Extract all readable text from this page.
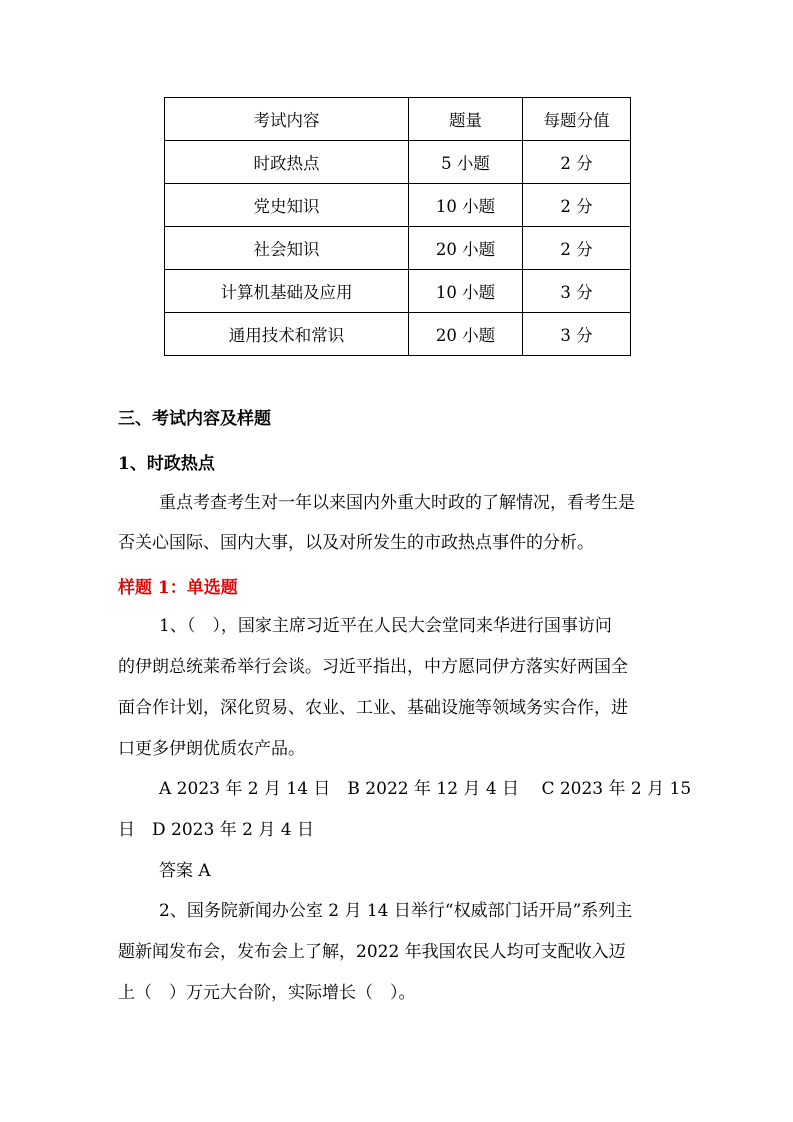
考试内容	题量	每题分值
时政热点	5 小题	2 分
党史知识	10 小题	2 分
社会知识	20 小题	2 分
计算机基础及应用	10 小题	3 分
通用技术和常识	20 小题	3 分
三、考试内容及样题
1、时政热点
重点考查考生对一年以来国内外重大时政的了解情况，看考生是
否关心国际、国内大事，以及对所发生的市政热点事件的分析。
样题 1：单选题
1、（　），国家主席习近平在人民大会堂同来华进行国事访问
的伊朗总统莱希举行会谈。习近平指出，中方愿同伊方落实好两国全
面合作计划，深化贸易、农业、工业、基础设施等领域务实合作，进
口更多伊朗优质农产品。
A 2023 年 2 月 14 日　B 2022 年 12 月 4 日　 C 2023 年 2 月 15
日　D 2023 年 2 月 4 日
答案 A
2、国务院新闻办公室 2 月 14 日举行“权威部门话开局”系列主
题新闻发布会，发布会上了解，2022 年我国农民人均可支配收入迈
上（　）万元大台阶，实际增长（　）。
